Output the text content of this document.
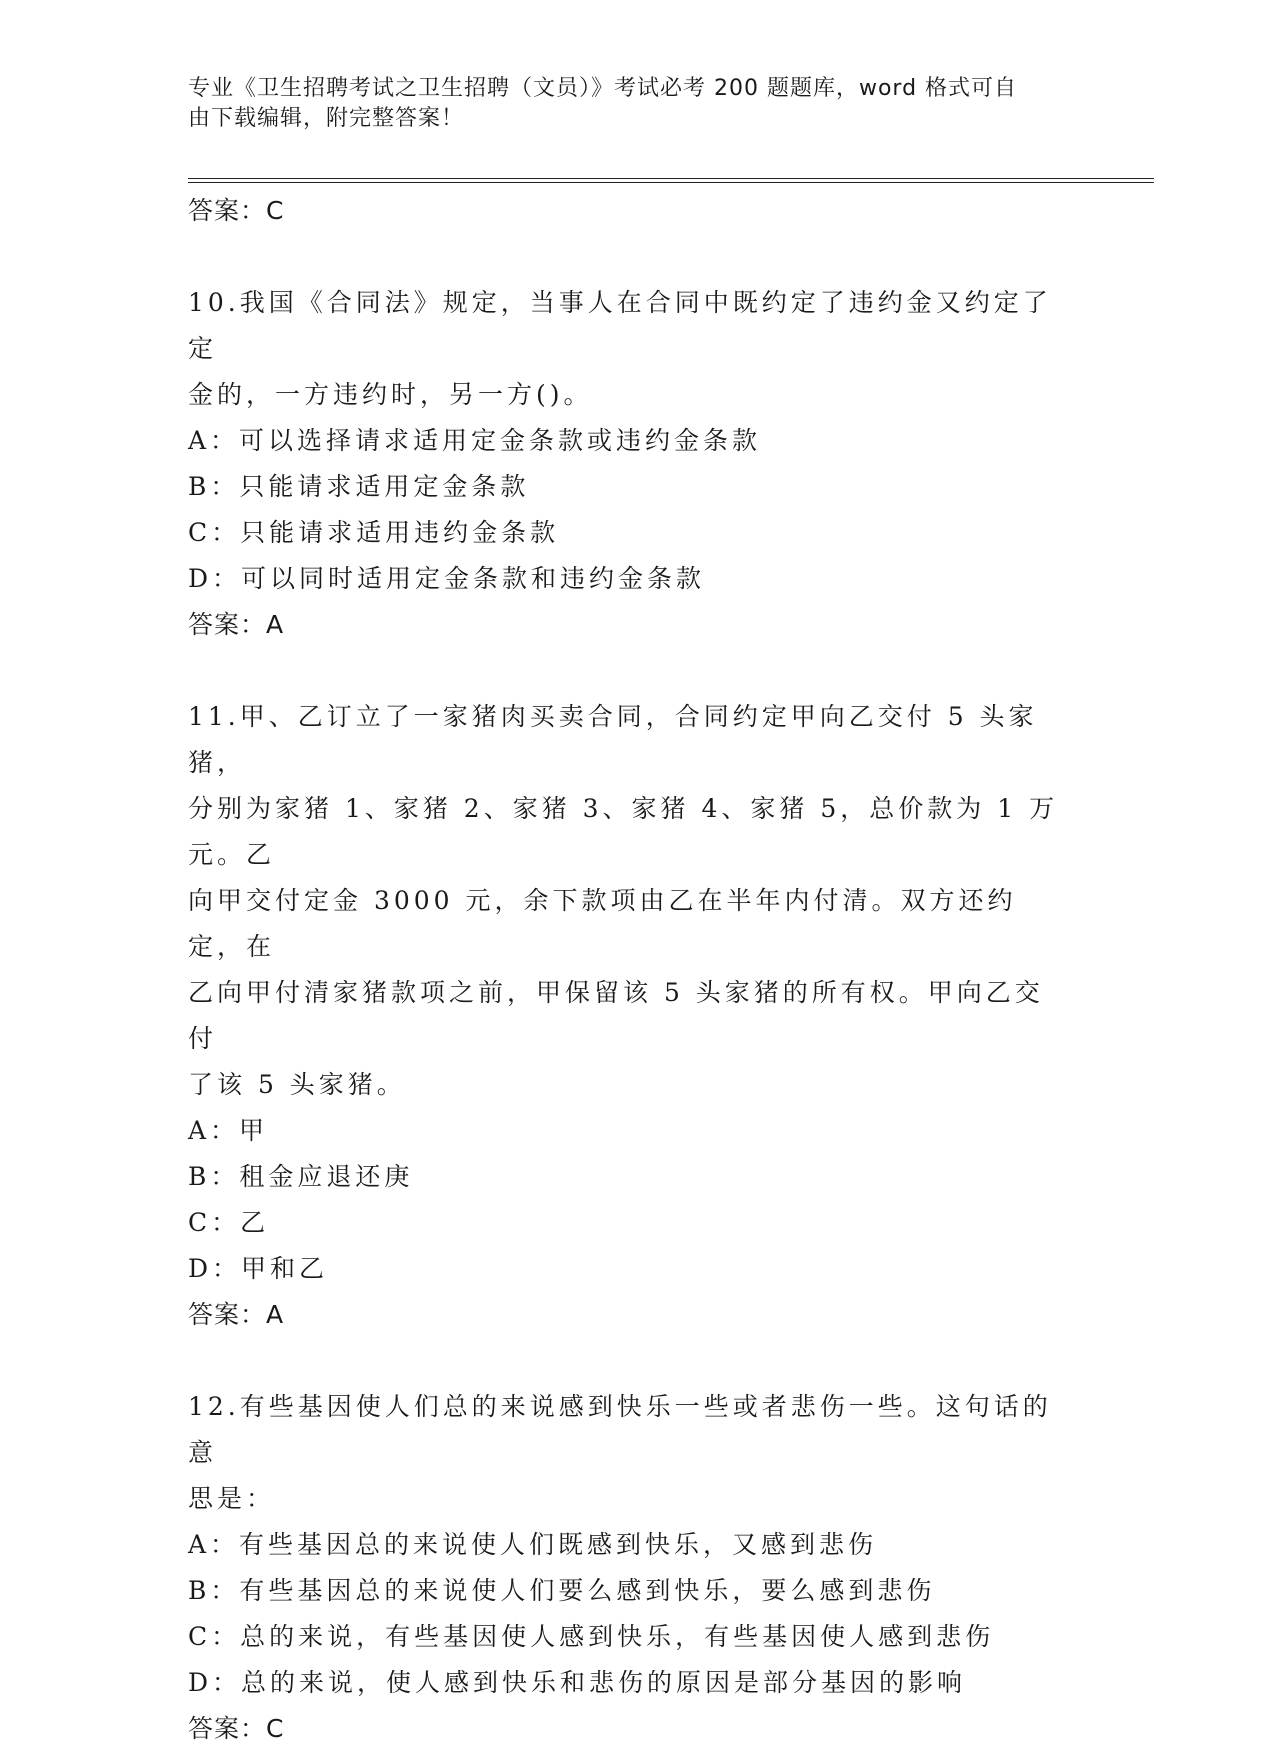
专业《卫生招聘考试之卫生招聘（文员）》考试必考 200 题题库，word 格式可自
由下载编辑，附完整答案！
答案：C
10.我国《合同法》规定，当事人在合同中既约定了违约金又约定了定
金的，一方违约时，另一方()。
A：可以选择请求适用定金条款或违约金条款
B：只能请求适用定金条款
C：只能请求适用违约金条款
D：可以同时适用定金条款和违约金条款
答案：A
11.甲、乙订立了一家猪肉买卖合同，合同约定甲向乙交付 5 头家猪，
分别为家猪 1、家猪 2、家猪 3、家猪 4、家猪 5，总价款为 1 万元。乙
向甲交付定金 3000 元，余下款项由乙在半年内付清。双方还约定，在
乙向甲付清家猪款项之前，甲保留该 5 头家猪的所有权。甲向乙交付
了该 5 头家猪。
A：甲
B：租金应退还庚
C：乙
D：甲和乙
答案：A
12.有些基因使人们总的来说感到快乐一些或者悲伤一些。这句话的意
思是：
A：有些基因总的来说使人们既感到快乐，又感到悲伤
B：有些基因总的来说使人们要么感到快乐，要么感到悲伤
C：总的来说，有些基因使人感到快乐，有些基因使人感到悲伤
D：总的来说，使人感到快乐和悲伤的原因是部分基因的影响
答案：C
